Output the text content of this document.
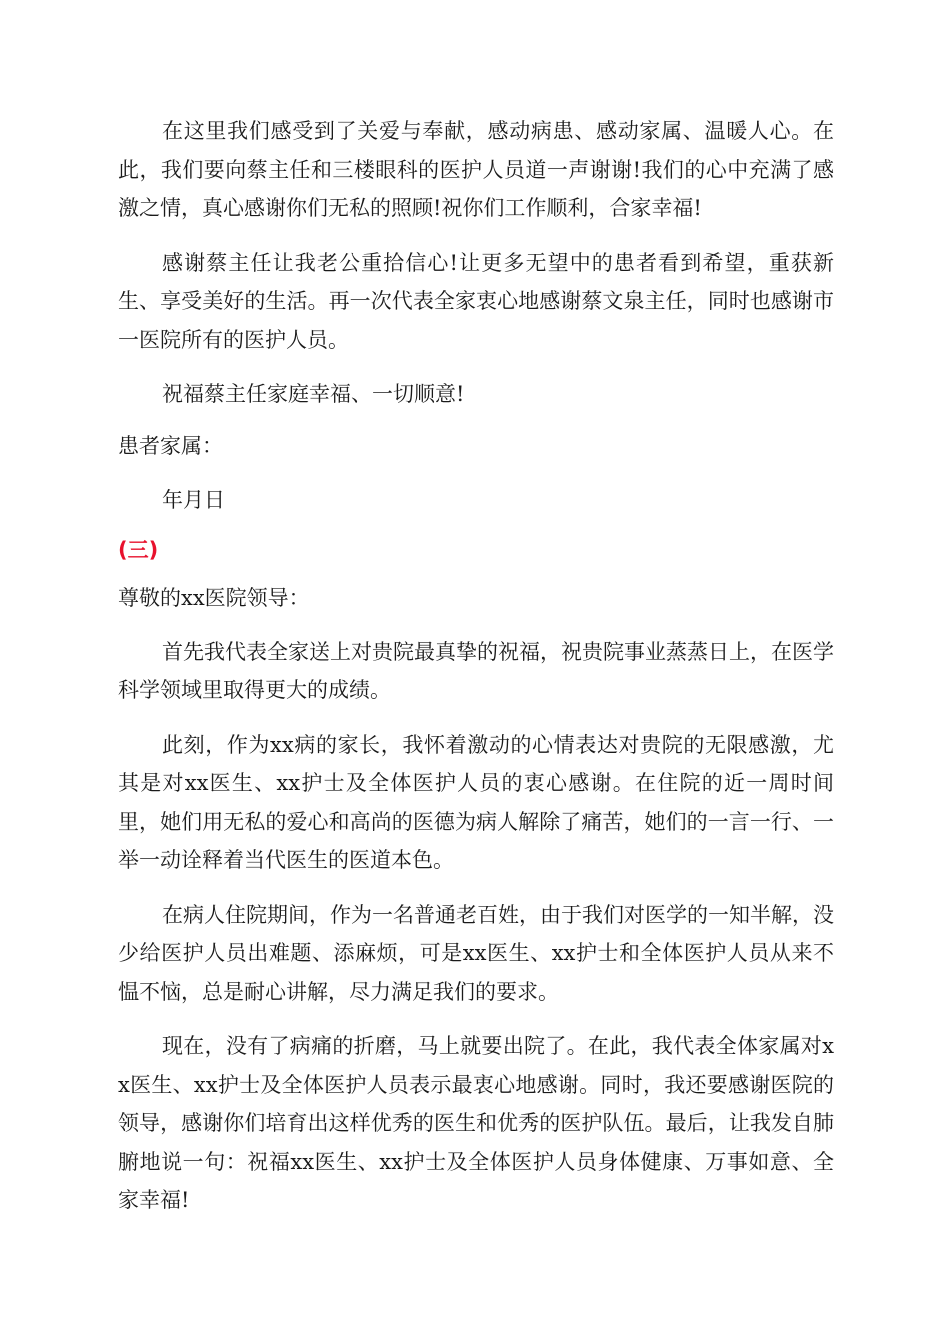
在这里我们感受到了关爱与奉献，感动病患、感动家属、温暖人心。在此，我们要向蔡主任和三楼眼科的医护人员道一声谢谢!我们的心中充满了感激之情，真心感谢你们无私的照顾!祝你们工作顺利，合家幸福!

感谢蔡主任让我老公重拾信心!让更多无望中的患者看到希望，重获新生、享受美好的生活。再一次代表全家衷心地感谢蔡文泉主任，同时也感谢市一医院所有的医护人员。

祝福蔡主任家庭幸福、一切顺意!

患者家属：

年月日

(三)

尊敬的xx医院领导：

首先我代表全家送上对贵院最真挚的祝福，祝贵院事业蒸蒸日上，在医学科学领域里取得更大的成绩。

此刻，作为xx病的家长，我怀着激动的心情表达对贵院的无限感激，尤其是对xx医生、xx护士及全体医护人员的衷心感谢。在住院的近一周时间里，她们用无私的爱心和高尚的医德为病人解除了痛苦，她们的一言一行、一举一动诠释着当代医生的医道本色。

在病人住院期间，作为一名普通老百姓，由于我们对医学的一知半解，没少给医护人员出难题、添麻烦，可是xx医生、xx护士和全体医护人员从来不愠不恼，总是耐心讲解，尽力满足我们的要求。

现在，没有了病痛的折磨，马上就要出院了。在此，我代表全体家属对xx医生、xx护士及全体医护人员表示最衷心地感谢。同时，我还要感谢医院的领导，感谢你们培育出这样优秀的医生和优秀的医护队伍。最后，让我发自肺腑地说一句：祝福xx医生、xx护士及全体医护人员身体健康、万事如意、全家幸福!
